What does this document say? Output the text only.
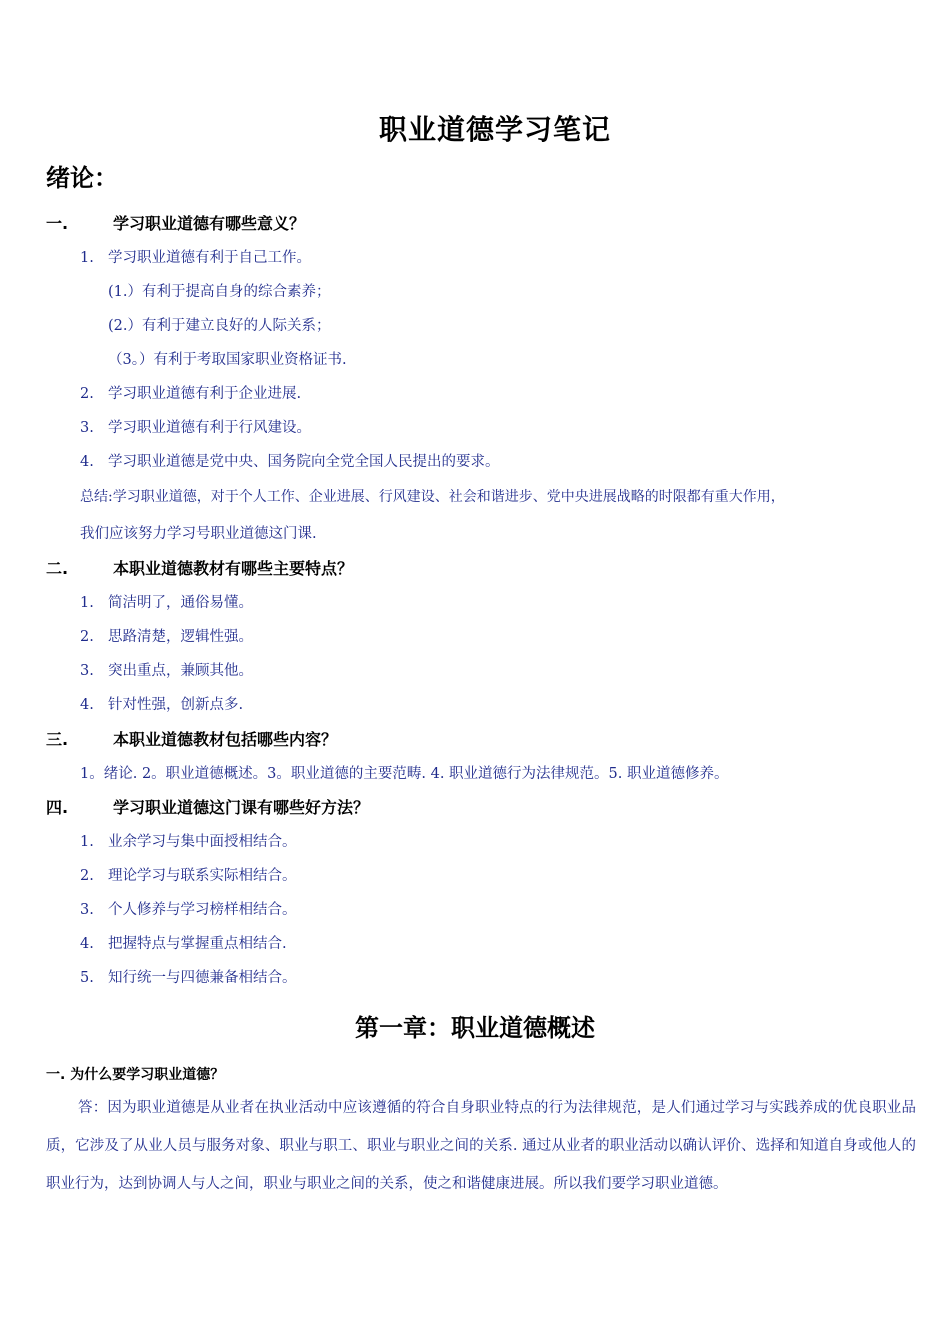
职业道德学习笔记
绪论：
一.	学习职业道德有哪些意义？
1. 学习职业道德有利于自己工作。
(1.）有利于提高自身的综合素养；
(2.）有利于建立良好的人际关系；
（3。）有利于考取国家职业资格证书.
2. 学习职业道德有利于企业进展.
3. 学习职业道德有利于行风建设。
4. 学习职业道德是党中央、国务院向全党全国人民提出的要求。
总结:学习职业道德，对于个人工作、企业进展、行风建设、社会和谐进步、党中央进展战略的时限都有重大作用，
我们应该努力学习号职业道德这门课.
二.	本职业道德教材有哪些主要特点？
1. 简洁明了，通俗易懂。
2. 思路清楚，逻辑性强。
3. 突出重点，兼顾其他。
4. 针对性强，创新点多.
三.	本职业道德教材包括哪些内容？
1。绪论. 2。职业道德概述。3。职业道德的主要范畴. 4. 职业道德行为法律规范。5. 职业道德修养。
四.	学习职业道德这门课有哪些好方法？
1. 业余学习与集中面授相结合。
2. 理论学习与联系实际相结合。
3. 个人修养与学习榜样相结合。
4. 把握特点与掌握重点相结合.
5. 知行统一与四德兼备相结合。
第一章：职业道德概述
一. 为什么要学习职业道德？
答：因为职业道德是从业者在执业活动中应该遵循的符合自身职业特点的行为法律规范，是人们通过学习与实践养成的优良职业品质，它涉及了从业人员与服务对象、职业与职工、职业与职业之间的关系. 通过从业者的职业活动以确认评价、选择和知道自身或他人的职业行为，达到协调人与人之间，职业与职业之间的关系，使之和谐健康进展。所以我们要学习职业道德。
